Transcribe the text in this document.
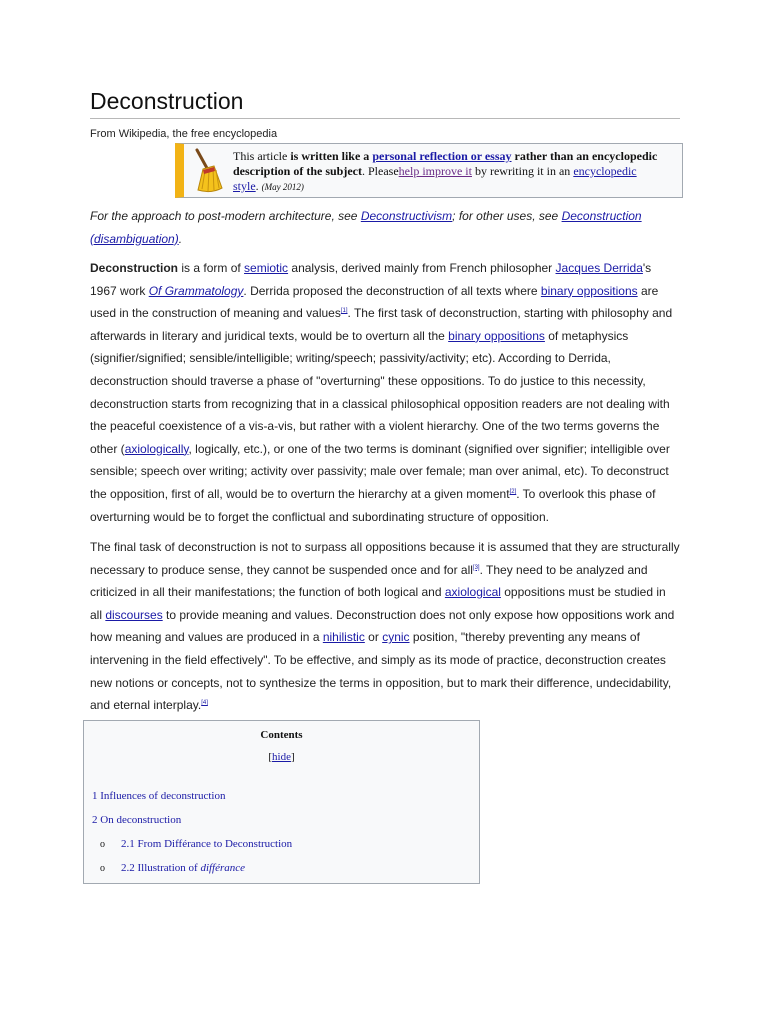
Deconstruction
From Wikipedia, the free encyclopedia
This article is written like a personal reflection or essay rather than an encyclopedic description of the subject. Pleasehelp improve it by rewriting it in an encyclopedic style. (May 2012)
For the approach to post-modern architecture, see Deconstructivism; for other uses, see Deconstruction (disambiguation).
Deconstruction is a form of semiotic analysis, derived mainly from French philosopher Jacques Derrida's 1967 work Of Grammatology. Derrida proposed the deconstruction of all texts where binary oppositions are used in the construction of meaning and values[1]. The first task of deconstruction, starting with philosophy and afterwards in literary and juridical texts, would be to overturn all the binary oppositions of metaphysics (signifier/signified; sensible/intelligible; writing/speech; passivity/activity; etc). According to Derrida, deconstruction should traverse a phase of "overturning" these oppositions. To do justice to this necessity, deconstruction starts from recognizing that in a classical philosophical opposition readers are not dealing with the peaceful coexistence of a vis-a-vis, but rather with a violent hierarchy. One of the two terms governs the other (axiologically, logically, etc.), or one of the two terms is dominant (signified over signifier; intelligible over sensible; speech over writing; activity over passivity; male over female; man over animal, etc). To deconstruct the opposition, first of all, would be to overturn the hierarchy at a given moment[2]. To overlook this phase of overturning would be to forget the conflictual and subordinating structure of opposition.
The final task of deconstruction is not to surpass all oppositions because it is assumed that they are structurally necessary to produce sense, they cannot be suspended once and for all[3]. They need to be analyzed and criticized in all their manifestations; the function of both logical and axiological oppositions must be studied in all discourses to provide meaning and values. Deconstruction does not only expose how oppositions work and how meaning and values are produced in a nihilistic or cynic position, "thereby preventing any means of intervening in the field effectively". To be effective, and simply as its mode of practice, deconstruction creates new notions or concepts, not to synthesize the terms in opposition, but to mark their difference, undecidability, and eternal interplay.[4]
Contents
[hide]
1 Influences of deconstruction
2 On deconstruction
o 2.1 From Différance to Deconstruction
o 2.2 Illustration of différance
